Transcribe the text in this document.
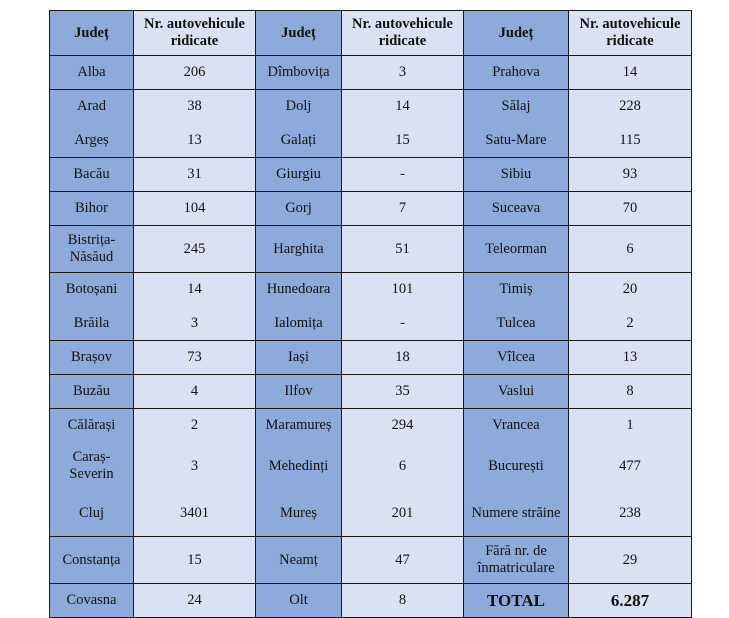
Județ	Nr. autovehicule ridicate	Județ	Nr. autovehicule ridicate	Județ	Nr. autovehicule ridicate
Alba	206	Dîmbovița	3	Prahova	14
Arad	38	Dolj	14	Sălaj	228
Argeș	13	Galați	15	Satu-Mare	115
Bacău	31	Giurgiu	-	Sibiu	93
Bihor	104	Gorj	7	Suceava	70
Bistrița-Năsăud	245	Harghita	51	Teleorman	6
Botoșani	14	Hunedoara	101	Timiș	20
Brăila	3	Ialomița	-	Tulcea	2
Brașov	73	Iași	18	Vîlcea	13
Buzău	4	Ilfov	35	Vaslui	8
Călărași	2	Maramureș	294	Vrancea	1
Caraș-Severin	3	Mehedinți	6	București	477
Cluj	3401	Mureș	201	Numere străine	238
Constanța	15	Neamț	47	Fără nr. de înmatriculare	29
Covasna	24	Olt	8	TOTAL	6.287
